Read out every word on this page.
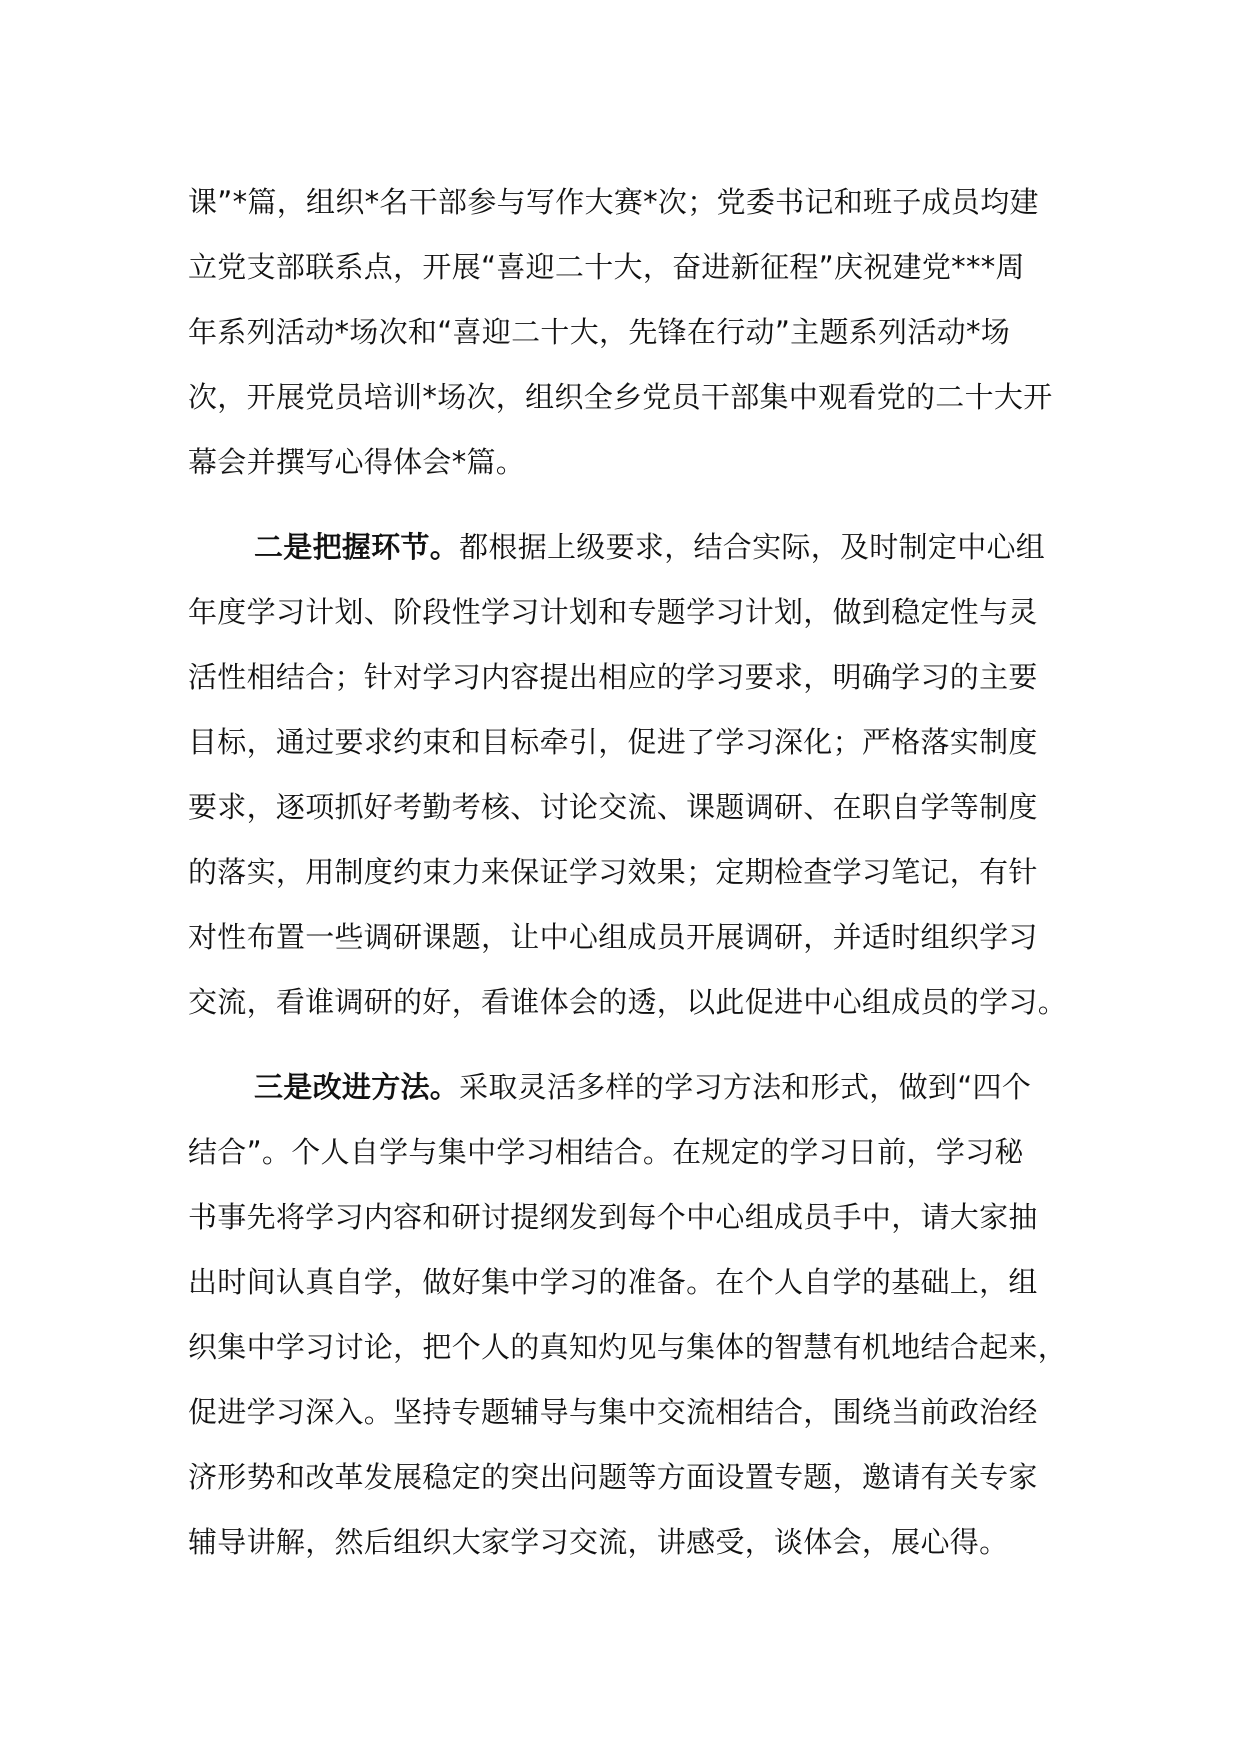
课”*篇，组织*名干部参与写作大赛*次；党委书记和班子成员均建
立党支部联系点，开展“喜迎二十大，奋进新征程”庆祝建党***周
年系列活动*场次和“喜迎二十大，先锋在行动”主题系列活动*场
次，开展党员培训*场次，组织全乡党员干部集中观看党的二十大开
幕会并撰写心得体会*篇。
二是把握环节。都根据上级要求，结合实际，及时制定中心组
年度学习计划、阶段性学习计划和专题学习计划，做到稳定性与灵
活性相结合；针对学习内容提出相应的学习要求，明确学习的主要
目标，通过要求约束和目标牵引，促进了学习深化；严格落实制度
要求，逐项抓好考勤考核、讨论交流、课题调研、在职自学等制度
的落实，用制度约束力来保证学习效果；定期检查学习笔记，有针
对性布置一些调研课题，让中心组成员开展调研，并适时组织学习
交流，看谁调研的好，看谁体会的透，以此促进中心组成员的学习。
三是改进方法。采取灵活多样的学习方法和形式，做到“四个
结合”。个人自学与集中学习相结合。在规定的学习日前，学习秘
书事先将学习内容和研讨提纲发到每个中心组成员手中，请大家抽
出时间认真自学，做好集中学习的准备。在个人自学的基础上，组
织集中学习讨论，把个人的真知灼见与集体的智慧有机地结合起来，
促进学习深入。坚持专题辅导与集中交流相结合，围绕当前政治经
济形势和改革发展稳定的突出问题等方面设置专题，邀请有关专家
辅导讲解，然后组织大家学习交流，讲感受，谈体会，展心得。
